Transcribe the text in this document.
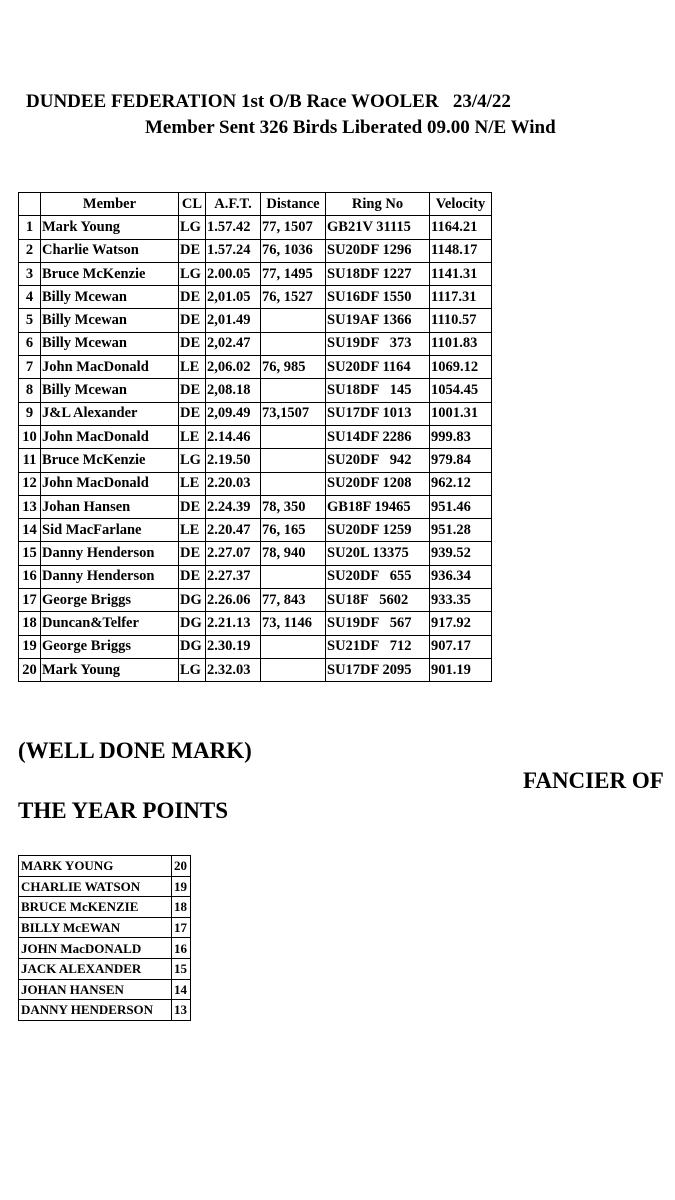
DUNDEE FEDERATION 1st O/B Race WOOLER   23/4/22
Member Sent 326 Birds Liberated 09.00 N/E Wind
	Member	CL	A.F.T.	Distance	Ring No	Velocity
1	Mark Young	LG	1.57.42	77, 1507	GB21V 31115	1164.21
2	Charlie Watson	DE	1.57.24	76, 1036	SU20DF 1296	1148.17
3	Bruce McKenzie	LG	2.00.05	77, 1495	SU18DF 1227	1141.31
4	Billy Mcewan	DE	2,01.05	76, 1527	SU16DF 1550	1117.31
5	Billy Mcewan	DE	2,01.49		SU19AF 1366	1110.57
6	Billy Mcewan	DE	2,02.47		SU19DF   373	1101.83
7	John MacDonald	LE	2,06.02	76, 985	SU20DF 1164	1069.12
8	Billy Mcewan	DE	2,08.18		SU18DF   145	1054.45
9	J&L Alexander	DE	2,09.49	73,1507	SU17DF 1013	1001.31
10	John MacDonald	LE	2.14.46		SU14DF 2286	999.83
11	Bruce McKenzie	LG	2.19.50		SU20DF   942	979.84
12	John MacDonald	LE	2.20.03		SU20DF 1208	962.12
13	Johan Hansen	DE	2.24.39	78, 350	GB18F 19465	951.46
14	Sid MacFarlane	LE	2.20.47	76, 165	SU20DF 1259	951.28
15	Danny Henderson	DE	2.27.07	78, 940	SU20L 13375	939.52
16	Danny Henderson	DE	2.27.37		SU20DF   655	936.34
17	George Briggs	DG	2.26.06	77, 843	SU18F   5602	933.35
18	Duncan&Telfer	DG	2.21.13	73, 1146	SU19DF   567	917.92
19	George Briggs	DG	2.30.19		SU21DF   712	907.17
20	Mark Young	LG	2.32.03		SU17DF 2095	901.19
(WELL DONE MARK)
FANCIER OF
THE YEAR POINTS
MARK YOUNG	20
CHARLIE WATSON	19
BRUCE McKENZIE	18
BILLY McEWAN	17
JOHN MacDONALD	16
JACK ALEXANDER	15
JOHAN HANSEN	14
DANNY HENDERSON	13
